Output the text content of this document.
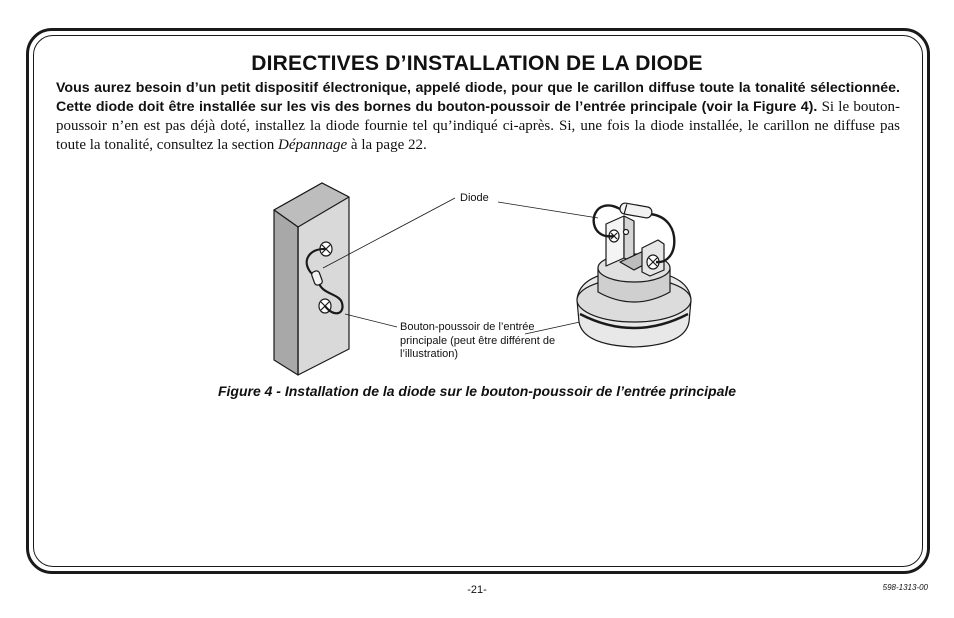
DIRECTIVES D’INSTALLATION DE LA DIODE
Vous aurez besoin d’un petit dispositif électronique, appelé diode, pour que le carillon diffuse toute la tonalité sélectionnée. Cette diode doit être installée sur les vis des bornes du bouton-poussoir de l’entrée principale (voir la Figure 4). Si le bouton-poussoir n’en est pas déjà doté, installez la diode fournie tel qu’indiqué ci-après. Si, une fois la diode installée, le carillon ne diffuse pas toute la tonalité, consultez la section Dépannage à la page 22.
Diode
Bouton-poussoir de l’entrée principale (peut être différent de l’illustration)
Figure 4 - Installation de la diode sur le bouton-poussoir de l’entrée principale
-21-	598-1313-00
